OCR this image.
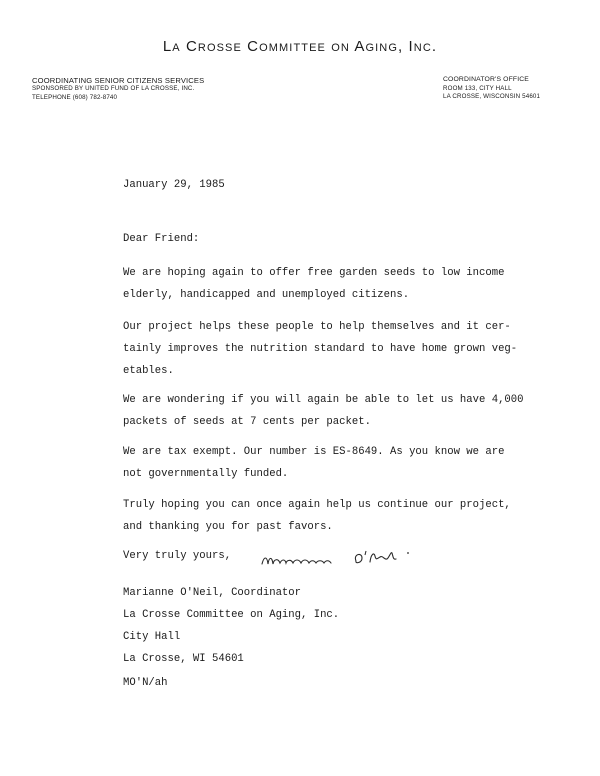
La Crosse Committee on Aging, Inc.
COORDINATING SENIOR CITIZENS SERVICES
SPONSORED BY UNITED FUND OF LA CROSSE, INC.
TELEPHONE (608) 782-8740
COORDINATOR'S OFFICE
ROOM 133, CITY HALL
LA CROSSE, WISCONSIN 54601

January 29, 1985

Dear Friend:

We are hoping again to offer free garden seeds to low income

elderly, handicapped and unemployed citizens.

Our project helps these people to help themselves and it cer-

tainly improves the nutrition standard to have home grown veg-

etables.

We are wondering if you will again be able to let us have 4,000

packets of seeds at 7 cents per packet.

We are tax exempt. Our number is ES-8649. As you know we are

not governmentally funded.

Truly hoping you can once again help us continue our project,

and thanking you for past favors.

Very truly yours,

Marianne O'Neil, Coordinator

La Crosse Committee on Aging, Inc.

City Hall

La Crosse, WI 54601

MO'N/ah
